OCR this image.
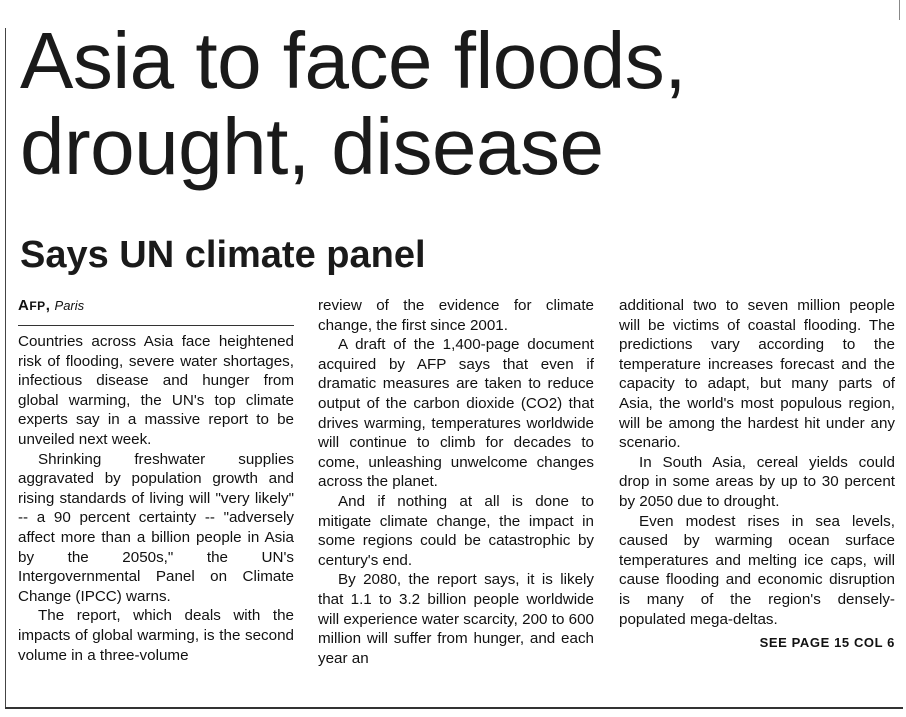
Asia to face floods,
drought, disease
Says UN climate panel
AFP, Paris

Countries across Asia face heightened risk of flooding, severe water shortages, infectious disease and hunger from global warming, the UN's top climate experts say in a massive report to be unveiled next week.

Shrinking freshwater supplies aggravated by population growth and rising standards of living will "very likely" -- a 90 percent certainty -- "adversely affect more than a billion people in Asia by the 2050s," the UN's Intergovernmental Panel on Climate Change (IPCC) warns.

The report, which deals with the impacts of global warming, is the second volume in a three-volume

review of the evidence for climate change, the first since 2001.

A draft of the 1,400-page document acquired by AFP says that even if dramatic measures are taken to reduce output of the carbon dioxide (CO2) that drives warming, temperatures worldwide will continue to climb for decades to come, unleashing unwelcome changes across the planet.

And if nothing at all is done to mitigate climate change, the impact in some regions could be catastrophic by century's end.

By 2080, the report says, it is likely that 1.1 to 3.2 billion people worldwide will experience water scarcity, 200 to 600 million will suffer from hunger, and each year an

additional two to seven million people will be victims of coastal flooding. The predictions vary according to the temperature increases forecast and the capacity to adapt, but many parts of Asia, the world's most populous region, will be among the hardest hit under any scenario.

In South Asia, cereal yields could drop in some areas by up to 30 percent by 2050 due to drought.

Even modest rises in sea levels, caused by warming ocean surface temperatures and melting ice caps, will cause flooding and economic disruption is many of the region's densely-populated mega-deltas.

SEE PAGE 15 COL 6
